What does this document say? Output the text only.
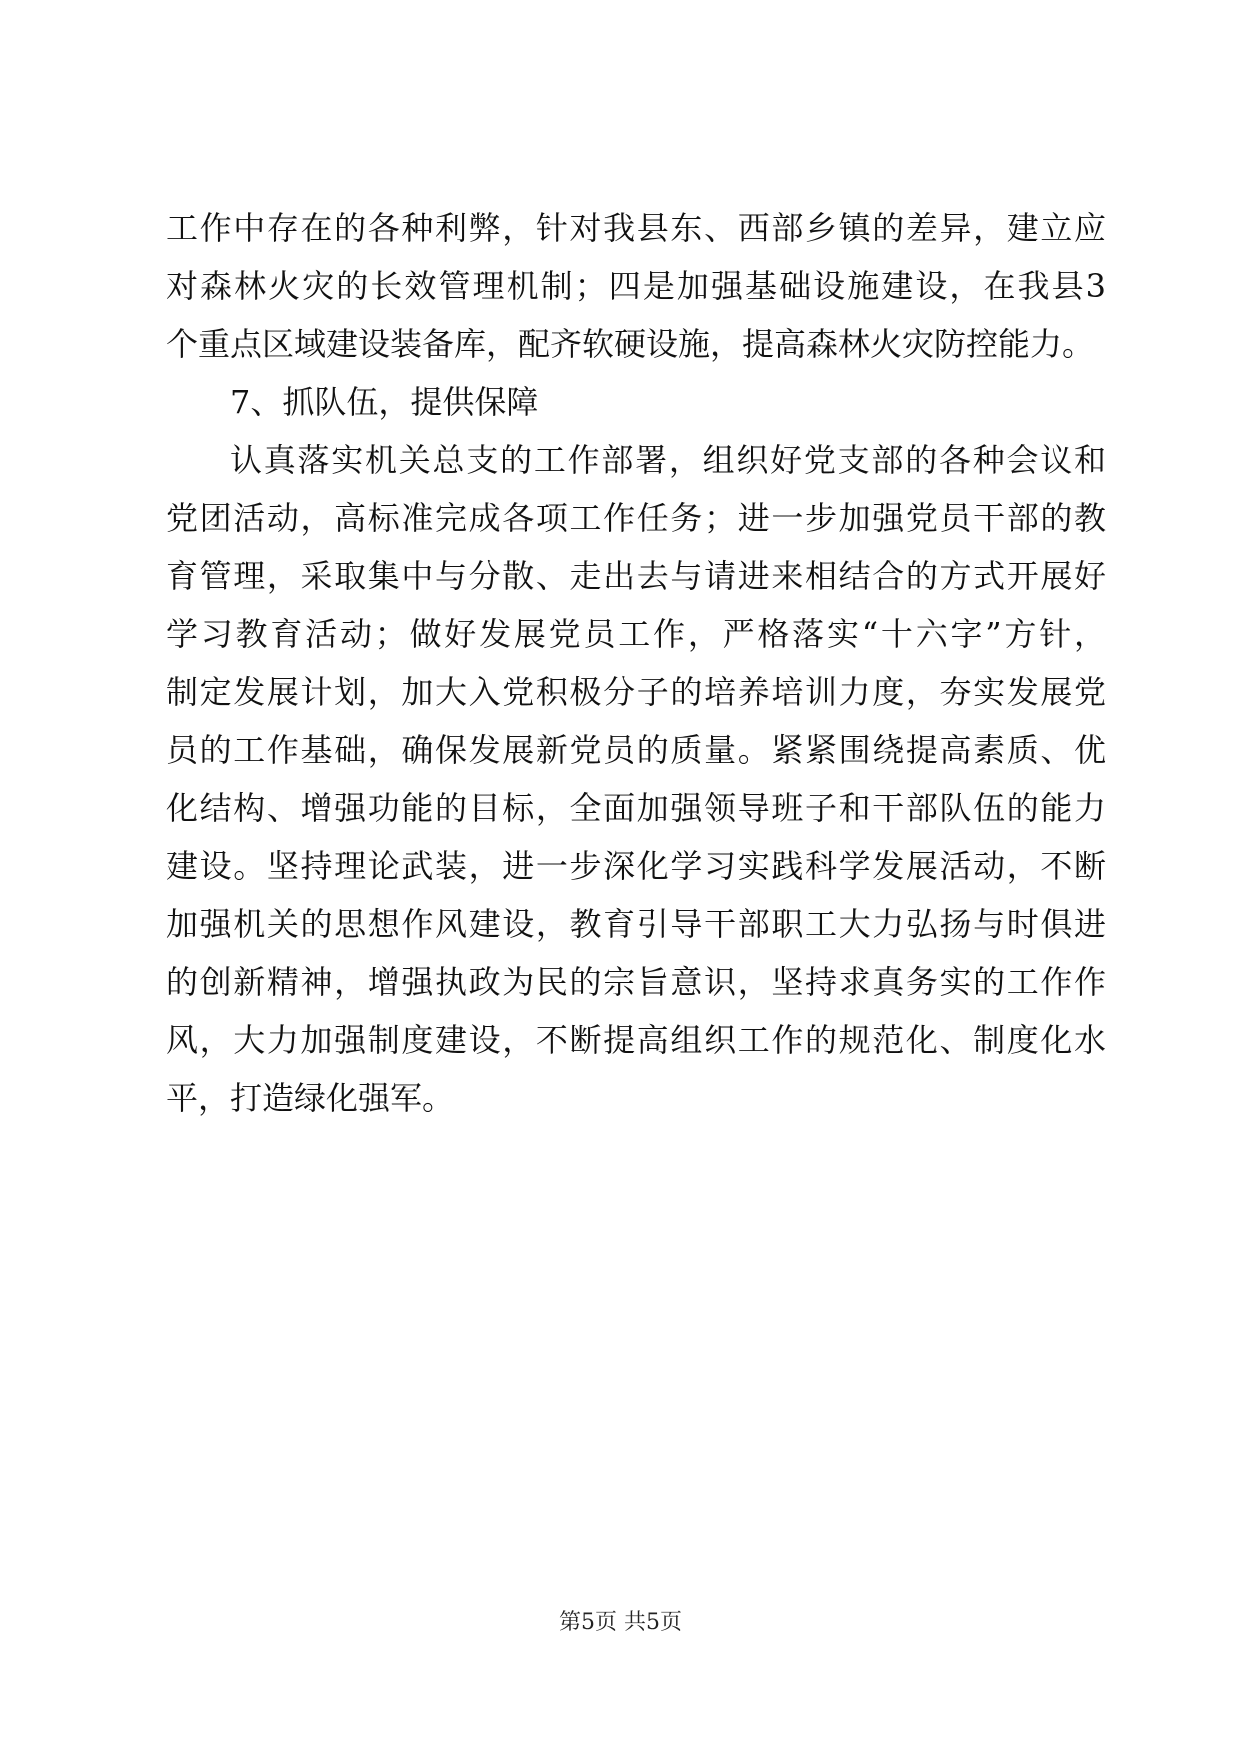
工作中存在的各种利弊，针对我县东、西部乡镇的差异，建立应
对森林火灾的长效管理机制；四是加强基础设施建设，在我县3
个重点区域建设装备库，配齐软硬设施，提高森林火灾防控能力。
7、抓队伍，提供保障
认真落实机关总支的工作部署，组织好党支部的各种会议和
党团活动，高标准完成各项工作任务；进一步加强党员干部的教
育管理，采取集中与分散、走出去与请进来相结合的方式开展好
学习教育活动；做好发展党员工作，严格落实“十六字”方针，
制定发展计划，加大入党积极分子的培养培训力度，夯实发展党
员的工作基础，确保发展新党员的质量。紧紧围绕提高素质、优
化结构、增强功能的目标，全面加强领导班子和干部队伍的能力
建设。坚持理论武装，进一步深化学习实践科学发展活动，不断
加强机关的思想作风建设，教育引导干部职工大力弘扬与时俱进
的创新精神，增强执政为民的宗旨意识，坚持求真务实的工作作
风，大力加强制度建设，不断提高组织工作的规范化、制度化水
平，打造绿化强军。
第5页 共5页
